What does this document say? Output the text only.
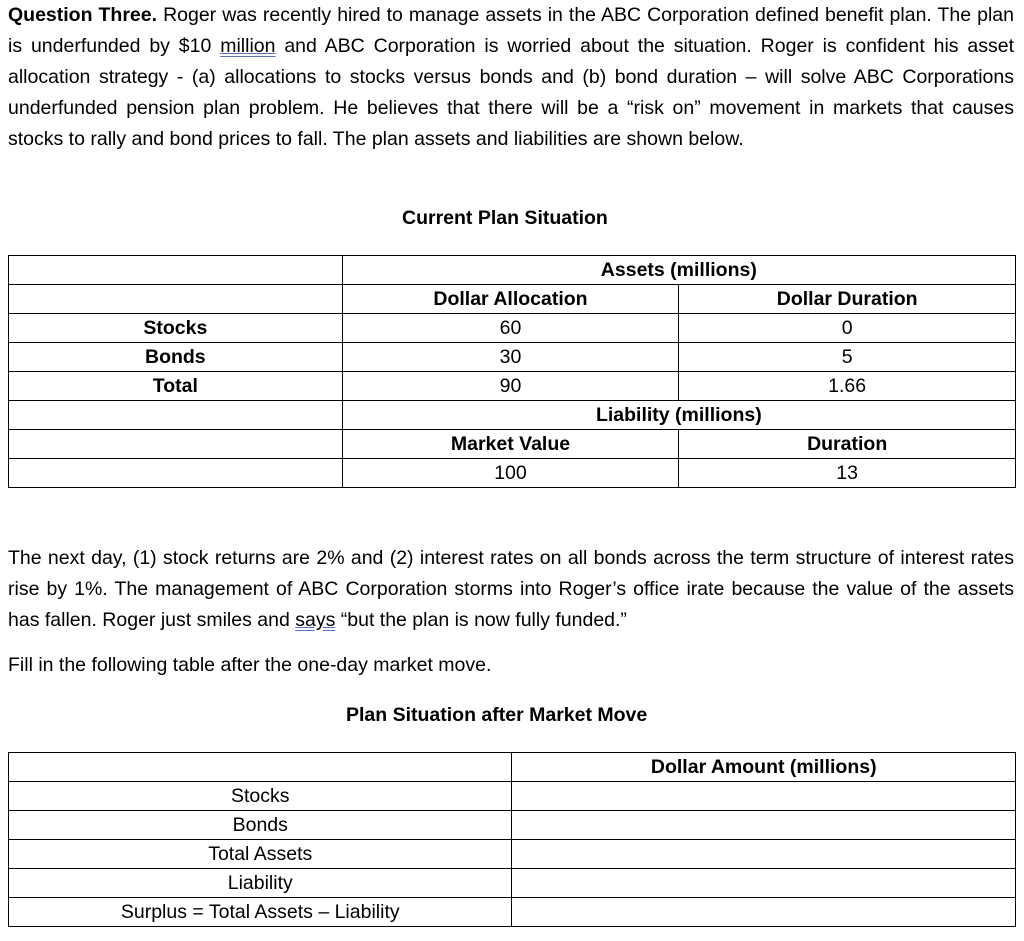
Question Three. Roger was recently hired to manage assets in the ABC Corporation defined benefit plan. The plan is underfunded by $10 million and ABC Corporation is worried about the situation. Roger is confident his asset allocation strategy - (a) allocations to stocks versus bonds and (b) bond duration – will solve ABC Corporations underfunded pension plan problem. He believes that there will be a “risk on” movement in markets that causes stocks to rally and bond prices to fall. The plan assets and liabilities are shown below.

Current Plan Situation
	Assets (millions)	
	Dollar Allocation	Dollar Duration
Stocks	60	0
Bonds	30	5
Total	90	1.66
	Liability (millions)	
	Market Value	Duration
	100	13

The next day, (1) stock returns are 2% and (2) interest rates on all bonds across the term structure of interest rates rise by 1%. The management of ABC Corporation storms into Roger’s office irate because the value of the assets has fallen. Roger just smiles and says “but the plan is now fully funded.”

Fill in the following table after the one-day market move.
Plan Situation after Market Move
	Dollar Amount (millions)
Stocks	
Bonds	
Total Assets	
Liability	
Surplus = Total Assets – Liability	
